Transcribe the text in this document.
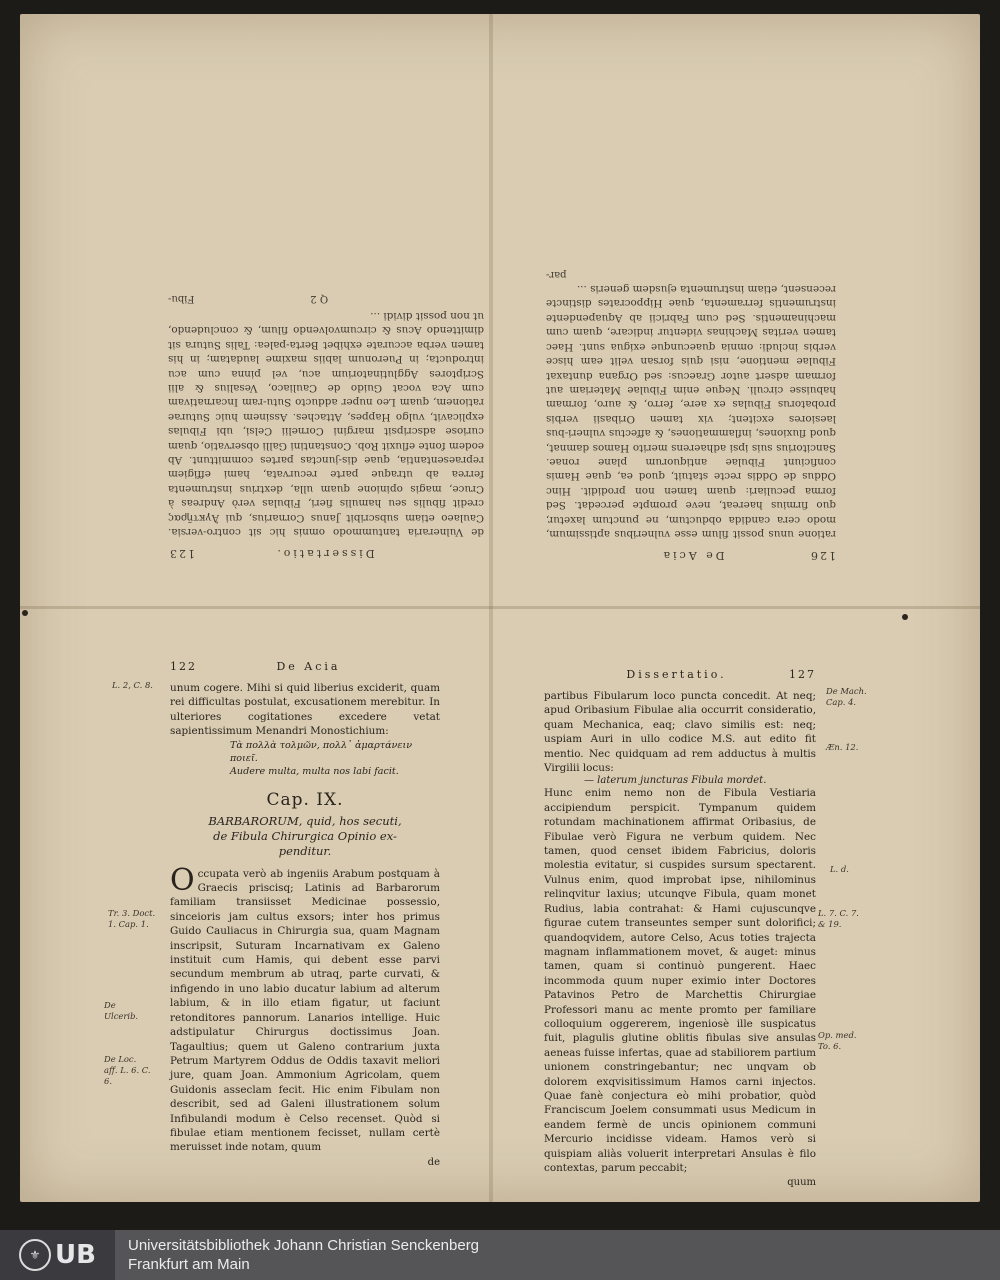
Dissertatio.
123
de Vulneraria tantummodo omnis hic sit contro-versia. Caulaeo etiam subscribit Janus Cornarius, qui Ἀγκτῆρας credit fibulis seu hamulis fieri, Fibulas verò Andreas à Cruce, magis opinione quam ulla, dextrius instrumenta ferrea ab utraque parte recurvata, hami effigiem repraesentantia, quae dis-junctas partes committunt. Ab eodem fonte efluxit Rob. Constantini Galli observatio, quam curiose adscripsit margini Cornelii Celsi, ubi Fibulas explicavit, vulgo Happes, Attaches. Assinem huic Suturae rationem, quam Leo nuper adducto Sutu-ram Incarnativam cum Aca vocat Guido de Cauliaco, Vesalius & alii Scriptores Agglutinatorium acu, vel pinna cum acu introducta; in Pueronum labiis maxime laudatam; in his tamen verba accurate exhibet Berta-palea: Talis Sutura sit dimittendo Acus & circumvolvendo filum, & concludendo, ut non possit dividi ...
Q 2
Fibu-
126
De Acia
ratione unus possit filum esse vulneribus aptissimum, modo cera candida obductum, ne punctum laxetur, quo firmius haereat, neve prompte percedat. Sed forma peculiari: quam tamen non prodidit. Hinc Oddus de Oddis recte statuit, quod ea, quae Hamis conficiunt Fibulae antiquorum plane ronae. Sancitorius suis ipsi adhaerens merito Hamos damnat, quod fluxiones, inflammationes, & affectus vulneri-bus laesiores excitent; vix tamen Oribasii verbis probatorus Fibulas ex aere, ferro, & auro, formam habuisse circuli. Neque enim Fibulae Materiam aut formam adsert autor Graecus: sed Organa duntaxat Fibulae mentione, nisi quis forsan velit eam hisce verbis includi: omnia quaecunque exigua sunt. Haec tamen veritas Machinas videntur indicare, quam cum machinamentis. Sed cum Fabricii ab Aquapendente instrumentis ferramenta, quae Hippocrates distincte recensent, etiam instrumenta ejusdem generis ...
par-
122	De Acia
unum cogere. Mihi si quid liberius exciderit, quam rei difficultas postulat, excusationem merebitur. In ulteriores cogitationes excedere vetat sapientissimum Menandri Monostichium:
Τὰ πολλὰ τολμῶν, πολλ᾽ ἁμαρτάνειν ποιεῖ.
Audere multa, multa nos labi facit.
Cap. IX.
BARBARORUM, quid, hos secuti,
de Fibula Chirurgica Opinio ex-
penditur.
Occupata verò ab ingeniis Arabum postquam à Graecis priscisq; Latinis ad Barbarorum familiam transiisset Medicinae possessio, sinceioris jam cultus exsors; inter hos primus Guido Cauliacus in Chirurgia sua, quam Magnam inscripsit, Suturam Incarnativam ex Galeno instituit cum Hamis, qui debent esse parvi secundum membrum ab utraq, parte curvati, & infigendo in uno labio ducatur labium ad alterum labium, & in illo etiam figatur, ut faciunt retonditores pannorum. Lanarios intellige. Huic adstipulatur Chirurgus doctissimus Joan. Tagaultius; quem ut Galeno contrarium juxta Petrum Martyrem Oddus de Oddis taxavit meliori jure, quam Joan. Ammonium Agricolam, quem Guidonis asseclam fecit. Hic enim Fibulam non describit, sed ad Galeni illustrationem solum Infibulandi modum è Celso recenset. Quòd si fibulae etiam mentionem fecisset, nullam certè meruisset inde notam, quum
de
L. 2, C. 8.
Tr. 3. Doct. 1. Cap. 1.
De Ulcerib.
De Loc. aff. L. 6. C. 6.
Dissertatio.	127
partibus Fibularum loco puncta concedit. At neq; apud Oribasium Fibulae alia occurrit consideratio, quam Mechanica, eaq; clavo similis est: neq; uspiam Auri in ullo codice M.S. aut edito fit mentio. Nec quidquam ad rem adductus à multis Virgilii locus:
— laterum juncturas Fibula mordet.
Hunc enim nemo non de Fibula Vestiaria accipiendum perspicit. Tympanum quidem rotundam machinationem affirmat Oribasius, de Fibulae verò Figura ne verbum quidem. Nec tamen, quod censet ibidem Fabricius, doloris molestia evitatur, si cuspides sursum spectarent. Vulnus enim, quod improbat ipse, nihilominus relinqvitur laxius; utcunqve Fibula, quam monet Rudius, labia contrahat: & Hami cujuscunqve figurae cutem transeuntes semper sunt dolorifici; quandoqvidem, autore Celso, Acus toties trajecta magnam inflammationem movet, & auget: minus tamen, quam si continuò pungerent. Haec incommoda quum nuper eximio inter Doctores Patavinos Petro de Marchettis Chirurgiae Professori manu ac mente promto per familiare colloquium oggererem, ingeniosè ille suspicatus fuit, plagulis glutine oblitis fibulas sive ansulas aeneas fuisse infertas, quae ad stabiliorem partium unionem constringebantur; nec unqvam ob dolorem exqvisitissimum Hamos carni injectos. Quae fanè conjectura eò mihi probatior, quòd Franciscum Joelem consummati usus Medicum in eandem fermè de uncis opinionem communi Mercurio incidisse videam. Hamos verò si quispiam aliàs voluerit interpretari Ansulas è filo contextas, parum peccabit;
quum
De Mach. Cap. 4.
Æn. 12.
L. d.
L. 7. C. 7. & 19.
Op. med. To. 6.
⚜ UB Universitätsbibliothek Johann Christian Senckenberg
Frankfurt am Main
